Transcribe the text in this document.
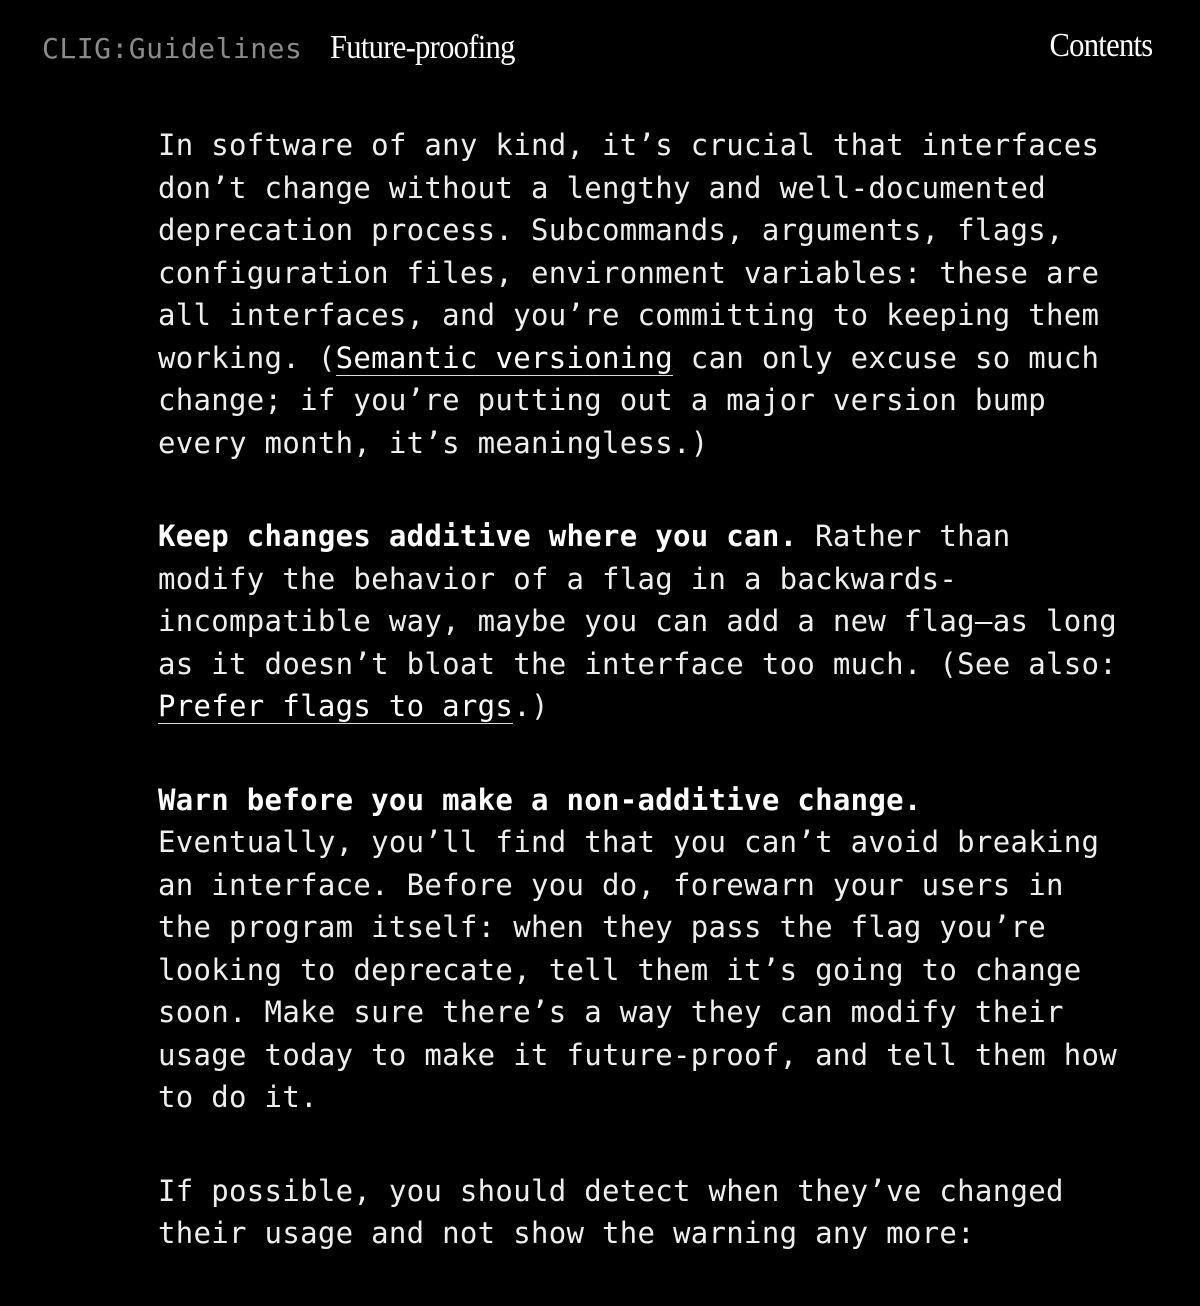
CLIG:Guidelines Future-proofing	Contents

In software of any kind, it’s crucial that interfaces don’t change without a lengthy and well-documented deprecation process. Subcommands, arguments, flags, configuration files, environment variables: these are all interfaces, and you’re committing to keeping them working. (Semantic versioning can only excuse so much change; if you’re putting out a major version bump every month, it’s meaningless.)

Keep changes additive where you can. Rather than modify the behavior of a flag in a backwards-incompatible way, maybe you can add a new flag—as long as it doesn’t bloat the interface too much. (See also: Prefer flags to args.)

Warn before you make a non-additive change. Eventually, you’ll find that you can’t avoid breaking an interface. Before you do, forewarn your users in the program itself: when they pass the flag you’re looking to deprecate, tell them it’s going to change soon. Make sure there’s a way they can modify their usage today to make it future-proof, and tell them how to do it.

If possible, you should detect when they’ve changed their usage and not show the warning any more:
